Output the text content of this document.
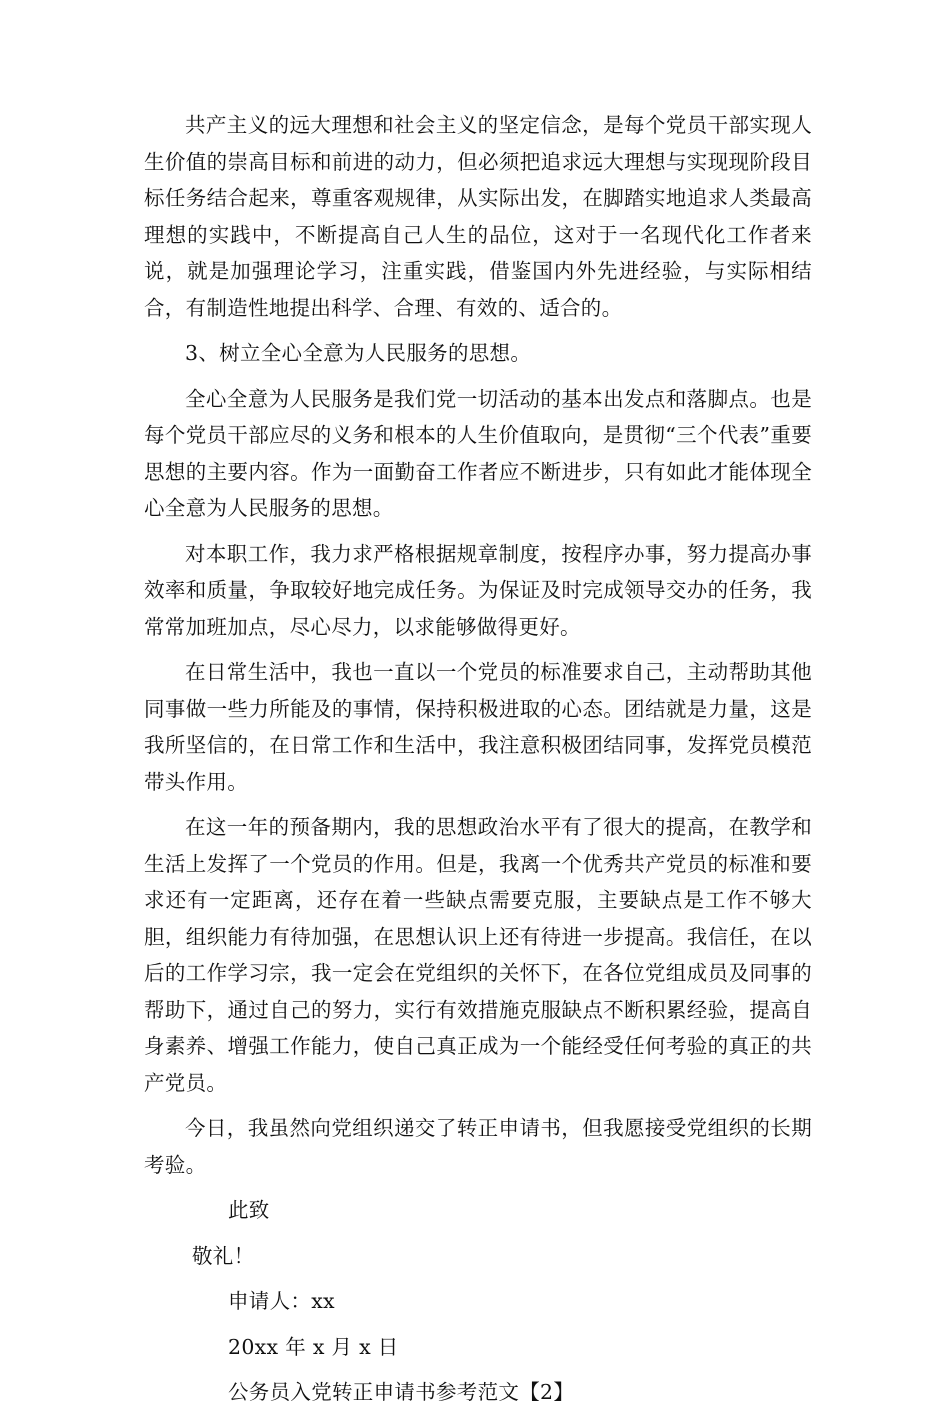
共产主义的远大理想和社会主义的坚定信念，是每个党员干部实现人生价值的崇高目标和前进的动力，但必须把追求远大理想与实现现阶段目标任务结合起来，尊重客观规律，从实际出发，在脚踏实地追求人类最高理想的实践中，不断提高自己人生的品位，这对于一名现代化工作者来说，就是加强理论学习，注重实践，借鉴国内外先进经验，与实际相结合，有制造性地提出科学、合理、有效的、适合的。

3、树立全心全意为人民服务的思想。

全心全意为人民服务是我们党一切活动的基本出发点和落脚点。也是每个党员干部应尽的义务和根本的人生价值取向，是贯彻“三个代表”重要思想的主要内容。作为一面勤奋工作者应不断进步，只有如此才能体现全心全意为人民服务的思想。

对本职工作，我力求严格根据规章制度，按程序办事，努力提高办事效率和质量，争取较好地完成任务。为保证及时完成领导交办的任务，我常常加班加点，尽心尽力，以求能够做得更好。

在日常生活中，我也一直以一个党员的标准要求自己，主动帮助其他同事做一些力所能及的事情，保持积极进取的心态。团结就是力量，这是我所坚信的，在日常工作和生活中，我注意积极团结同事，发挥党员模范带头作用。

在这一年的预备期内，我的思想政治水平有了很大的提高，在教学和生活上发挥了一个党员的作用。但是，我离一个优秀共产党员的标准和要求还有一定距离，还存在着一些缺点需要克服，主要缺点是工作不够大胆，组织能力有待加强，在思想认识上还有待进一步提高。我信任，在以后的工作学习宗，我一定会在党组织的关怀下，在各位党组成员及同事的帮助下，通过自己的努力，实行有效措施克服缺点不断积累经验，提高自身素养、增强工作能力，使自己真正成为一个能经受任何考验的真正的共产党员。

今日，我虽然向党组织递交了转正申请书，但我愿接受党组织的长期考验。

此致
敬礼！
申请人：xx
20xx 年 x 月 x 日
公务员入党转正申请书参考范文【2】
